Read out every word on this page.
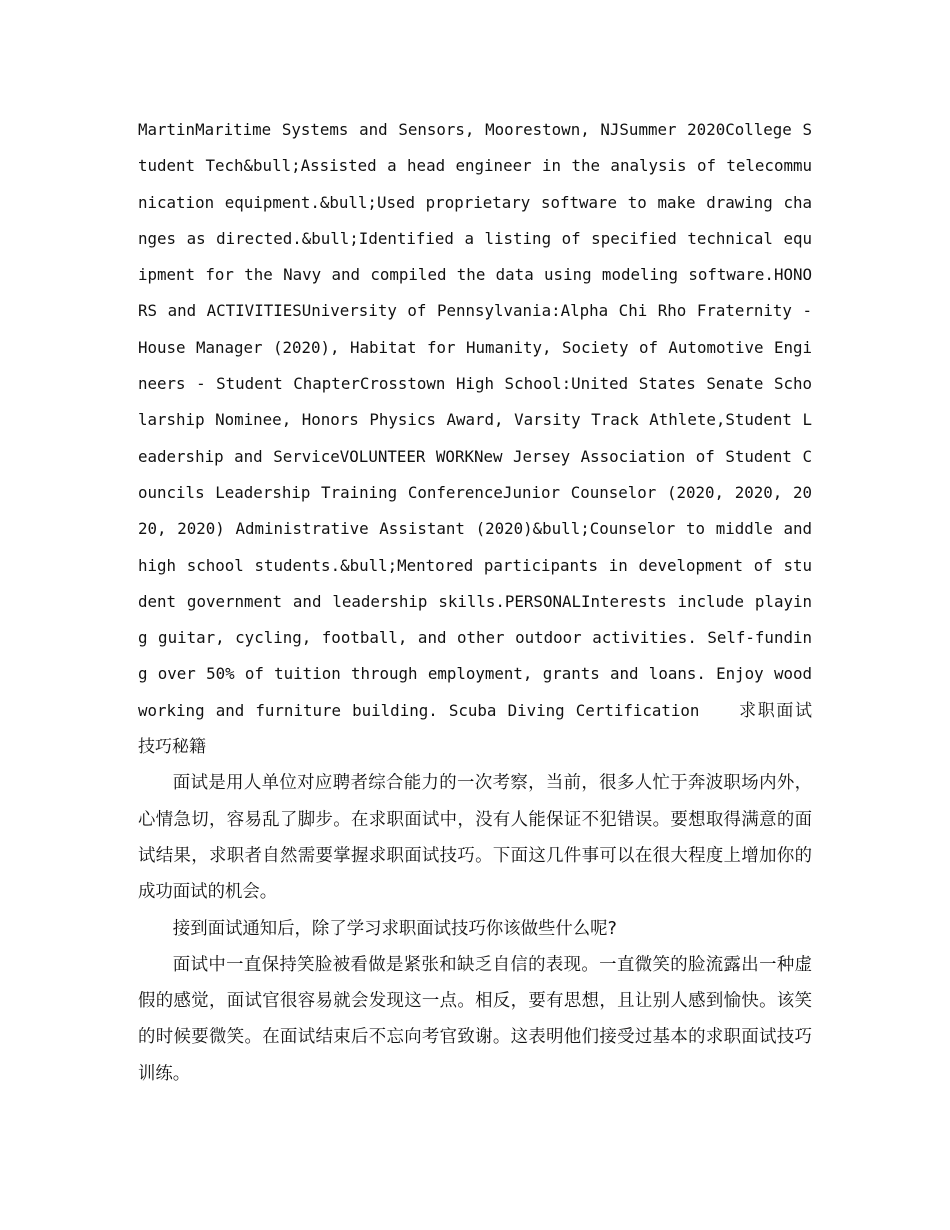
MartinMaritime Systems and Sensors, Moorestown, NJSummer 2020College Student Tech&bull;Assisted a head engineer in the analysis of telecommunication equipment.&bull;Used proprietary software to make drawing changes as directed.&bull;Identified a listing of specified technical equipment for the Navy and compiled the data using modeling software.HONORS and ACTIVITIESUniversity of Pennsylvania:Alpha Chi Rho Fraternity - House Manager (2020), Habitat for Humanity, Society of Automotive Engineers - Student ChapterCrosstown High School:United States Senate Scholarship Nominee, Honors Physics Award, Varsity Track Athlete,Student Leadership and ServiceVOLUNTEER WORKNew Jersey Association of Student Councils Leadership Training ConferenceJunior Counselor (2020, 2020, 2020, 2020) Administrative Assistant (2020)&bull;Counselor to middle and high school students.&bull;Mentored participants in development of student government and leadership skills.PERSONALInterests include playing guitar, cycling, football, and other outdoor activities. Self-funding over 50% of tuition through employment, grants and loans. Enjoy woodworking and furniture building. Scuba Diving Certification 求职面试技巧秘籍

面试是用人单位对应聘者综合能力的一次考察，当前，很多人忙于奔波职场内外，心情急切，容易乱了脚步。在求职面试中，没有人能保证不犯错误。要想取得满意的面试结果，求职者自然需要掌握求职面试技巧。下面这几件事可以在很大程度上增加你的成功面试的机会。

接到面试通知后，除了学习求职面试技巧你该做些什么呢?

面试中一直保持笑脸被看做是紧张和缺乏自信的表现。一直微笑的脸流露出一种虚假的感觉，面试官很容易就会发现这一点。相反，要有思想，且让别人感到愉快。该笑的时候要微笑。在面试结束后不忘向考官致谢。这表明他们接受过基本的求职面试技巧训练。
